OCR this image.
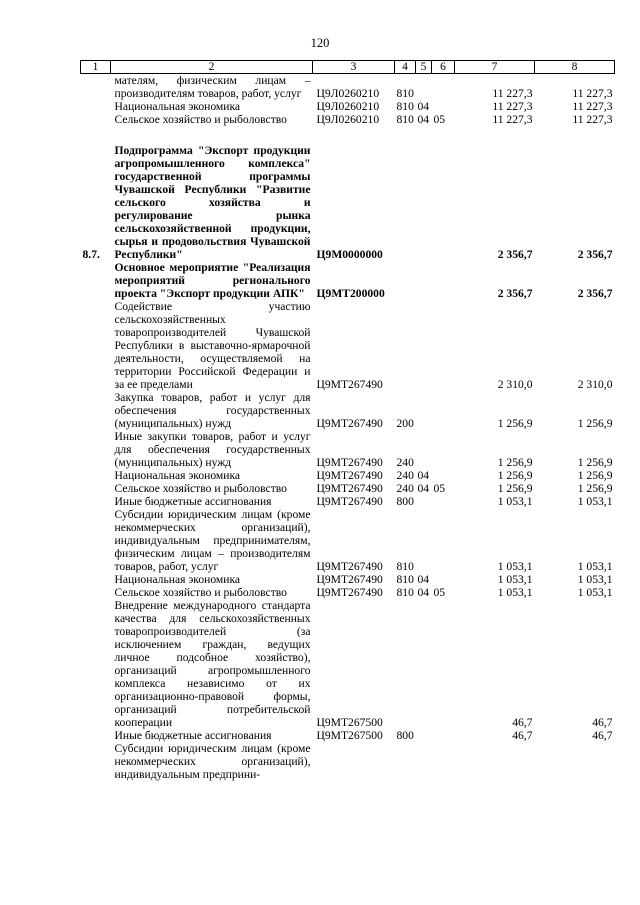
120
1	2	3	4	5	6	7	8

	мателям, физическим лицам – производителям товаров, работ, услуг	Ц9Л0260210	810			11 227,3	11 227,3

	Национальная экономика	Ц9Л0260210	810	04		11 227,3	11 227,3

	Сельское хозяйство и рыболовство	Ц9Л0260210	810	04	05	11 227,3	11 227,3

8.7.	Подпрограмма "Экспорт продукции агропромышленного комплекса" государственной программы Чувашской Республики "Развитие сельского хозяйства и регулирование рынка сельскохозяйственной продукции, сырья и продовольствия Чувашской Республики"	Ц9М0000000				2 356,7	2 356,7

	Основное мероприятие "Реализация мероприятий регионального проекта "Экспорт продукции АПК"	Ц9МТ200000				2 356,7	2 356,7

	Содействие участию сельскохозяйственных товаропроизводителей Чувашской Республики в выставочно-ярмарочной деятельности, осуществляемой на территории Российской Федерации и за ее пределами	Ц9МТ267490				2 310,0	2 310,0

	Закупка товаров, работ и услуг для обеспечения государственных (муниципальных) нужд	Ц9МТ267490	200			1 256,9	1 256,9

	Иные закупки товаров, работ и услуг для обеспечения государственных (муниципальных) нужд	Ц9МТ267490	240			1 256,9	1 256,9

	Национальная экономика	Ц9МТ267490	240	04		1 256,9	1 256,9

	Сельское хозяйство и рыболовство	Ц9МТ267490	240	04	05	1 256,9	1 256,9

	Иные бюджетные ассигнования	Ц9МТ267490	800			1 053,1	1 053,1

	Субсидии юридическим лицам (кроме некоммерческих организаций), индивидуальным предпринимателям, физическим лицам – производителям товаров, работ, услуг	Ц9МТ267490	810			1 053,1	1 053,1

	Национальная экономика	Ц9МТ267490	810	04		1 053,1	1 053,1

	Сельское хозяйство и рыболовство	Ц9МТ267490	810	04	05	1 053,1	1 053,1

	Внедрение международного стандарта качества для сельскохозяйственных товаропроизводителей (за исключением граждан, ведущих личное подсобное хозяйство), организаций агропромышленного комплекса независимо от их организационно-правовой формы, организаций потребительской кооперации	Ц9МТ267500				46,7	46,7

	Иные бюджетные ассигнования	Ц9МТ267500	800			46,7	46,7

	Субсидии юридическим лицам (кроме некоммерческих организаций), индивидуальным предприни-						
